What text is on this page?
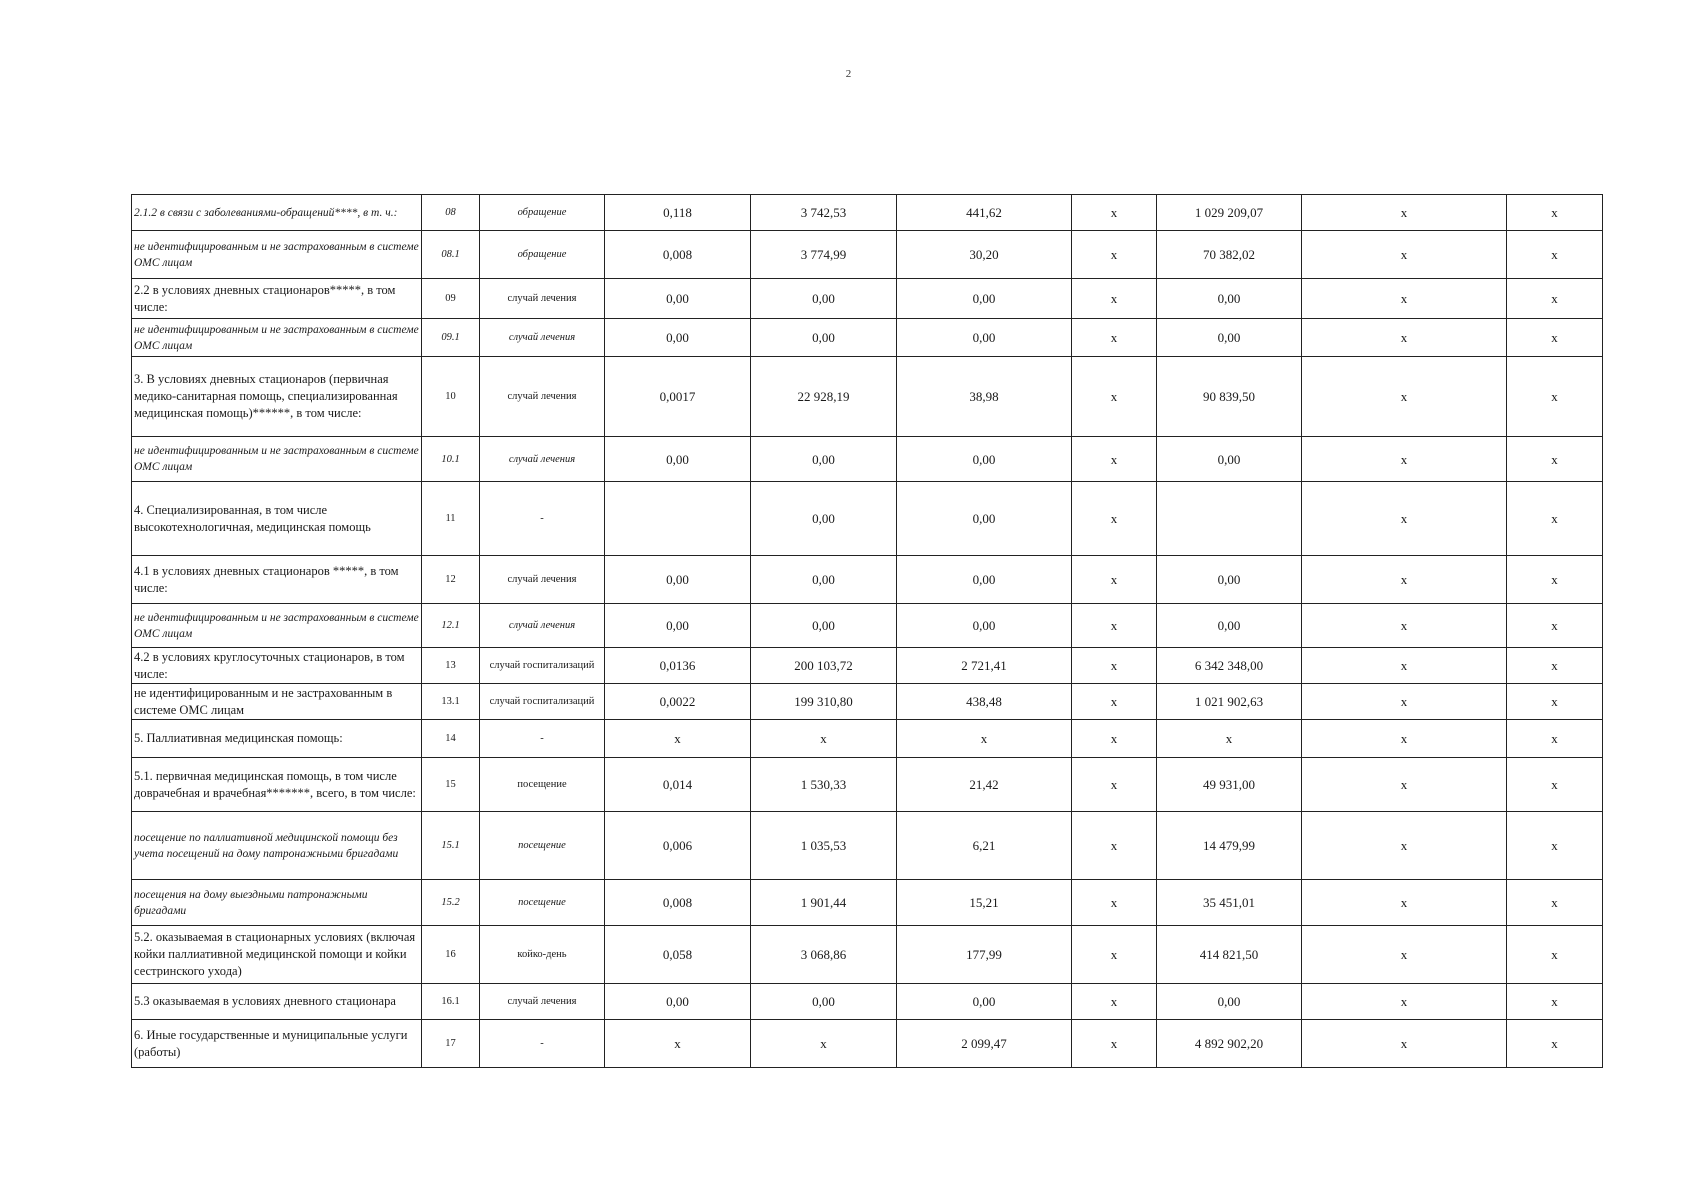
2
2.1.2 в связи с заболеваниями-обращений****, в т. ч.:	08	обращение	0,118	3 742,53	441,62	x	1 029 209,07	x	x
не идентифицированным и не застрахованным в системе ОМС лицам	08.1	обращение	0,008	3 774,99	30,20	x	70 382,02	x	x
2.2 в условиях дневных стационаров*****, в том числе:	09	случай лечения	0,00	0,00	0,00	x	0,00	x	x
не идентифицированным и не застрахованным в системе ОМС лицам	09.1	случай лечения	0,00	0,00	0,00	x	0,00	x	x
3. В условиях дневных стационаров (первичная медико-санитарная помощь, специализированная медицинская помощь)******, в том числе:	10	случай лечения	0,0017	22 928,19	38,98	x	90 839,50	x	x
не идентифицированным и не застрахованным в системе ОМС лицам	10.1	случай лечения	0,00	0,00	0,00	x	0,00	x	x
4. Специализированная, в том числе высокотехнологичная, медицинская помощь	11	-		0,00	0,00	x		x	x
4.1 в условиях дневных стационаров *****, в том числе:	12	случай лечения	0,00	0,00	0,00	x	0,00	x	x
не идентифицированным и не застрахованным в системе ОМС лицам	12.1	случай лечения	0,00	0,00	0,00	x	0,00	x	x
4.2 в условиях круглосуточных стационаров, в том числе:	13	случай госпитализаций	0,0136	200 103,72	2 721,41	x	6 342 348,00	x	x
не идентифицированным и не застрахованным в системе ОМС лицам	13.1	случай госпитализаций	0,0022	199 310,80	438,48	x	1 021 902,63	x	x
5. Паллиативная медицинская помощь:	14	-	x	x	x	x	x	x	x
5.1. первичная медицинская помощь, в том числе доврачебная и врачебная*******, всего, в том числе:	15	посещение	0,014	1 530,33	21,42	x	49 931,00	x	x
посещение по паллиативной медицинской помощи без учета посещений на дому патронажными бригадами	15.1	посещение	0,006	1 035,53	6,21	x	14 479,99	x	x
посещения на дому выездными патронажными бригадами	15.2	посещение	0,008	1 901,44	15,21	x	35 451,01	x	x
5.2. оказываемая в стационарных условиях (включая койки паллиативной медицинской помощи и койки сестринского ухода)	16	койко-день	0,058	3 068,86	177,99	x	414 821,50	x	x
5.3 оказываемая в условиях дневного стационара	16.1	случай лечения	0,00	0,00	0,00	x	0,00	x	x
6. Иные государственные и муниципальные услуги (работы)	17	-	x	x	2 099,47	x	4 892 902,20	x	x
